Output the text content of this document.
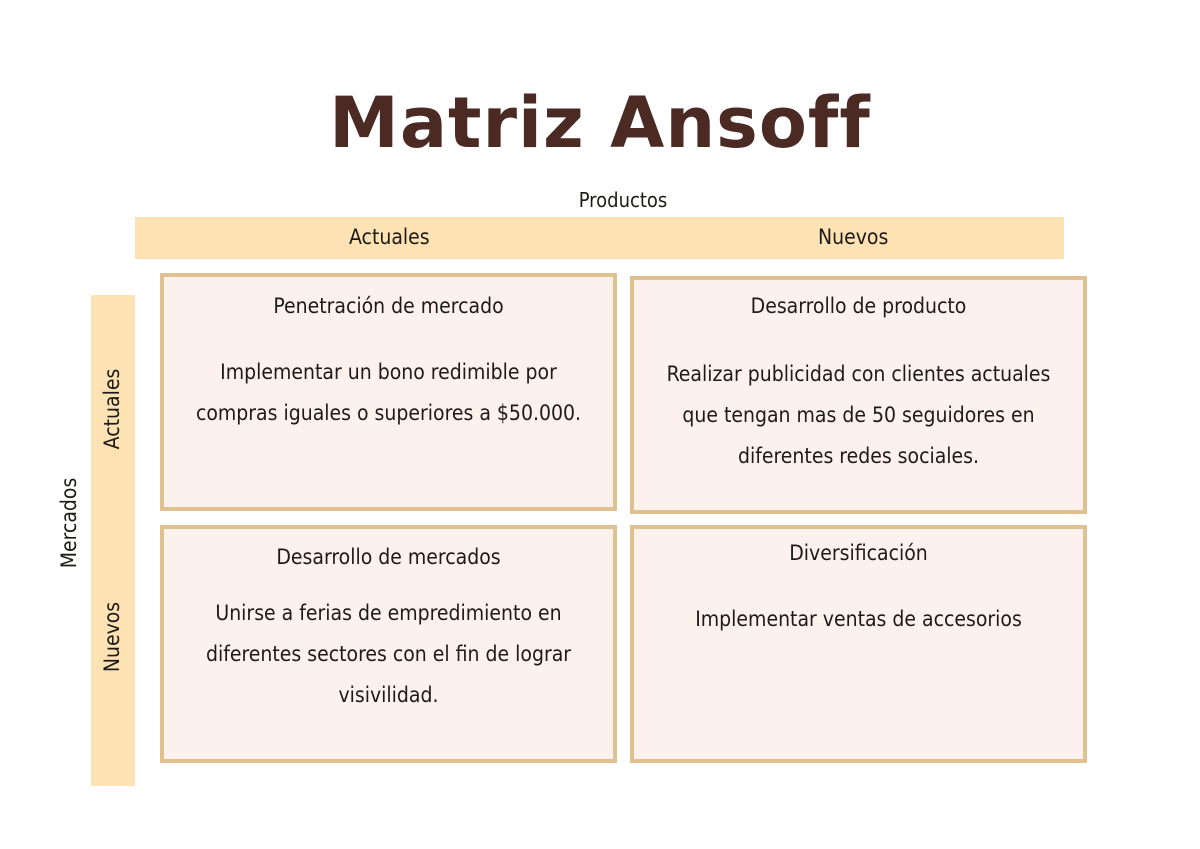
Matriz Ansoff
Productos
Actuales	Nuevos
Mercados
Actuales
Nuevos
Penetración de mercado
Implementar un bono redimible por compras iguales o superiores a $50.000.
Desarrollo de producto
Realizar publicidad con clientes actuales que tengan mas de 50 seguidores en diferentes redes sociales.
Desarrollo de mercados
Unirse a ferias de empredimiento en diferentes sectores con el fin de lograr visivilidad.
Diversificación
Implementar ventas de accesorios
